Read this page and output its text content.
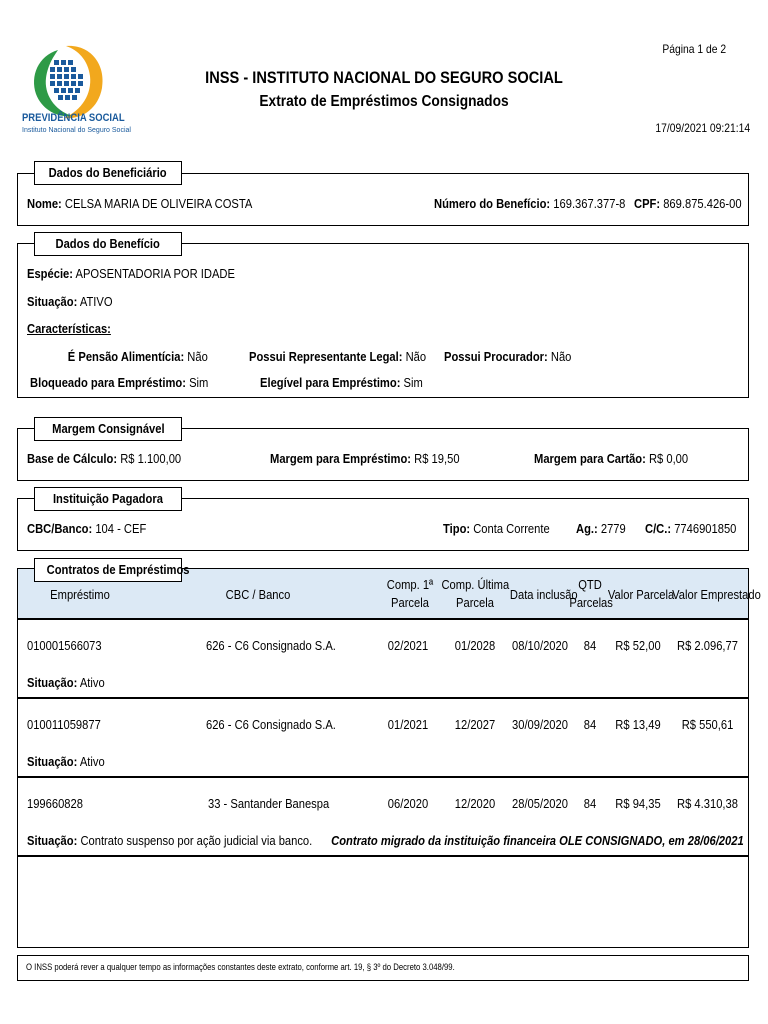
PREVIDÊNCIA SOCIAL
Instituto Nacional do Seguro Social
Página 1 de 2
INSS - INSTITUTO NACIONAL DO SEGURO SOCIAL
Extrato de Empréstimos Consignados
17/09/2021 09:21:14
Dados do Beneficiário
Nome: CELSA MARIA DE OLIVEIRA COSTA	Número do Benefício: 169.367.377-8 CPF: 869.875.426-00
Dados do Benefício
Espécie: APOSENTADORIA POR IDADE
Situação: ATIVO
Características:
É Pensão Alimentícia: Não
Bloqueado para Empréstimo: Sim
Possui Representante Legal: Não
Elegível para Empréstimo: Sim
Possui Procurador: Não
Margem Consignável
Base de Cálculo: R$ 1.100,00	Margem para Empréstimo: R$ 19,50	Margem para Cartão: R$ 0,00
Instituição Pagadora
CBC/Banco: 104 - CEF	Tipo: Conta Corrente Ag.: 2779 C/C.: 7746901850
Contratos de Empréstimos
Empréstimo	CBC / Banco
Comp. 1ª
Parcela
Comp. Última
Parcela
Data inclusão
QTD
Parcelas
Valor Parcela
Valor Emprestado
010001566073	626 - C6 Consignado S.A.	02/2021	01/2028	08/10/2020	84	R$ 52,00	R$ 2.096,77
Situação: Ativo
010011059877	626 - C6 Consignado S.A.	01/2021	12/2027	30/09/2020	84	R$ 13,49	R$ 550,61
Situação: Ativo
199660828	33 - Santander Banespa	06/2020	12/2020	28/05/2020	84	R$ 94,35	R$ 4.310,38
Situação: Contrato suspenso por ação judicial via banco. Contrato migrado da instituição financeira OLE CONSIGNADO, em 28/06/2021
O INSS poderá rever a qualquer tempo as informações constantes deste extrato, conforme art. 19, § 3º do Decreto 3.048/99.
